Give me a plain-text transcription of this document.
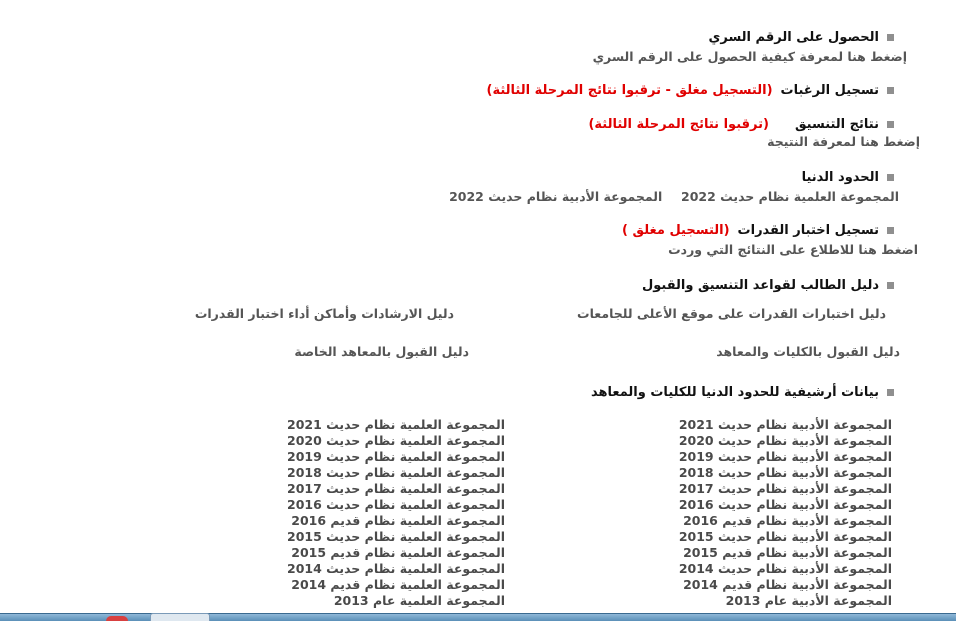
الحصول على الرقم السري
إضغط هنا لمعرفة كيفية الحصول على الرقم السري
تسجيل الرغبات
(التسجيل مغلق - ترقبوا نتائج المرحلة الثالثة)
نتائج التنسيق
(ترقبوا نتائج المرحلة الثالثة)
إضغط هنا لمعرفة النتيجة
الحدود الدنيا
المجموعة العلمية نظام حديث 2022  المجموعة الأدبية نظام حديث 2022
تسجيل اختبار القدرات
(التسجيل مغلق )
اضغط هنا للاطلاع على النتائج التي وردت
دليل الطالب لقواعد التنسيق والقبول
دليل اختبارات القدرات على موقع الأعلى للجامعات
دليل الارشادات وأماكن أداء اختبار القدرات
دليل القبول بالكليات والمعاهد
دليل القبول بالمعاهد الخاصة
بيانات أرشيفية للحدود الدنيا للكليات والمعاهد
المجموعة الأدبية نظام حديث 2021
المجموعة الأدبية نظام حديث 2020
المجموعة الأدبية نظام حديث 2019
المجموعة الأدبية نظام حديث 2018
المجموعة الأدبية نظام حديث 2017
المجموعة الأدبية نظام حديث 2016
المجموعة الأدبية نظام قديم 2016
المجموعة الأدبية نظام حديث 2015
المجموعة الأدبية نظام قديم 2015
المجموعة الأدبية نظام حديث 2014
المجموعة الأدبية نظام قديم 2014
المجموعة الأدبية عام 2013
المجموعة العلمية نظام حديث 2021
المجموعة العلمية نظام حديث 2020
المجموعة العلمية نظام حديث 2019
المجموعة العلمية نظام حديث 2018
المجموعة العلمية نظام حديث 2017
المجموعة العلمية نظام حديث 2016
المجموعة العلمية نظام قديم 2016
المجموعة العلمية نظام حديث 2015
المجموعة العلمية نظام قديم 2015
المجموعة العلمية نظام حديث 2014
المجموعة العلمية نظام قديم 2014
المجموعة العلمية عام 2013
